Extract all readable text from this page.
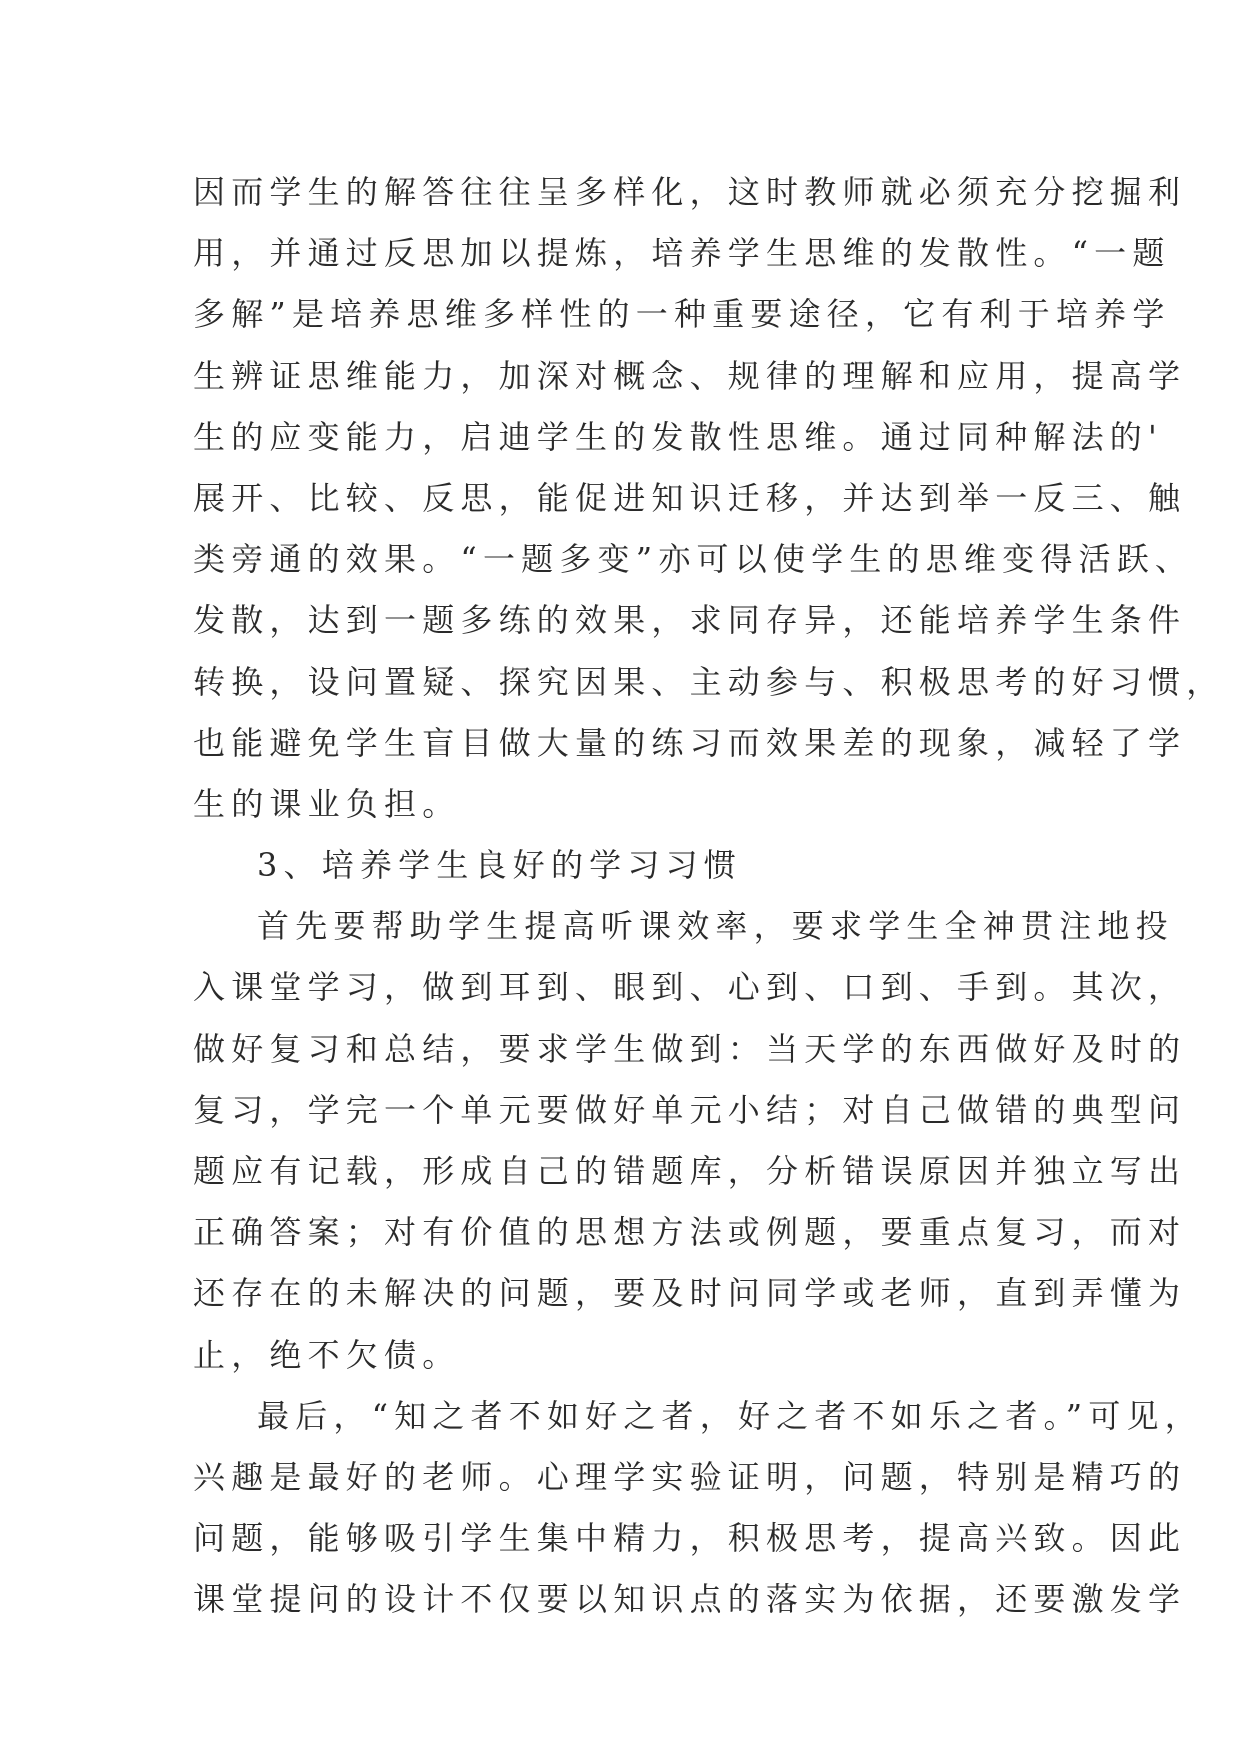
因而学生的解答往往呈多样化，这时教师就必须充分挖掘利
用，并通过反思加以提炼，培养学生思维的发散性。“一题
多解”是培养思维多样性的一种重要途径，它有利于培养学
生辨证思维能力，加深对概念、规律的理解和应用，提高学
生的应变能力，启迪学生的发散性思维。通过同种解法的'
展开、比较、反思，能促进知识迁移，并达到举一反三、触
类旁通的效果。“一题多变”亦可以使学生的思维变得活跃、
发散，达到一题多练的效果，求同存异，还能培养学生条件
转换，设问置疑、探究因果、主动参与、积极思考的好习惯，
也能避免学生盲目做大量的练习而效果差的现象，减轻了学
生的课业负担。
3、培养学生良好的学习习惯
首先要帮助学生提高听课效率，要求学生全神贯注地投
入课堂学习，做到耳到、眼到、心到、口到、手到。其次，
做好复习和总结，要求学生做到：当天学的东西做好及时的
复习，学完一个单元要做好单元小结；对自己做错的典型问
题应有记载，形成自己的错题库，分析错误原因并独立写出
正确答案；对有价值的思想方法或例题，要重点复习，而对
还存在的未解决的问题，要及时问同学或老师，直到弄懂为
止，绝不欠债。
最后，“知之者不如好之者，好之者不如乐之者。”可见，
兴趣是最好的老师。心理学实验证明，问题，特别是精巧的
问题，能够吸引学生集中精力，积极思考，提高兴致。因此
课堂提问的设计不仅要以知识点的落实为依据，还要激发学
